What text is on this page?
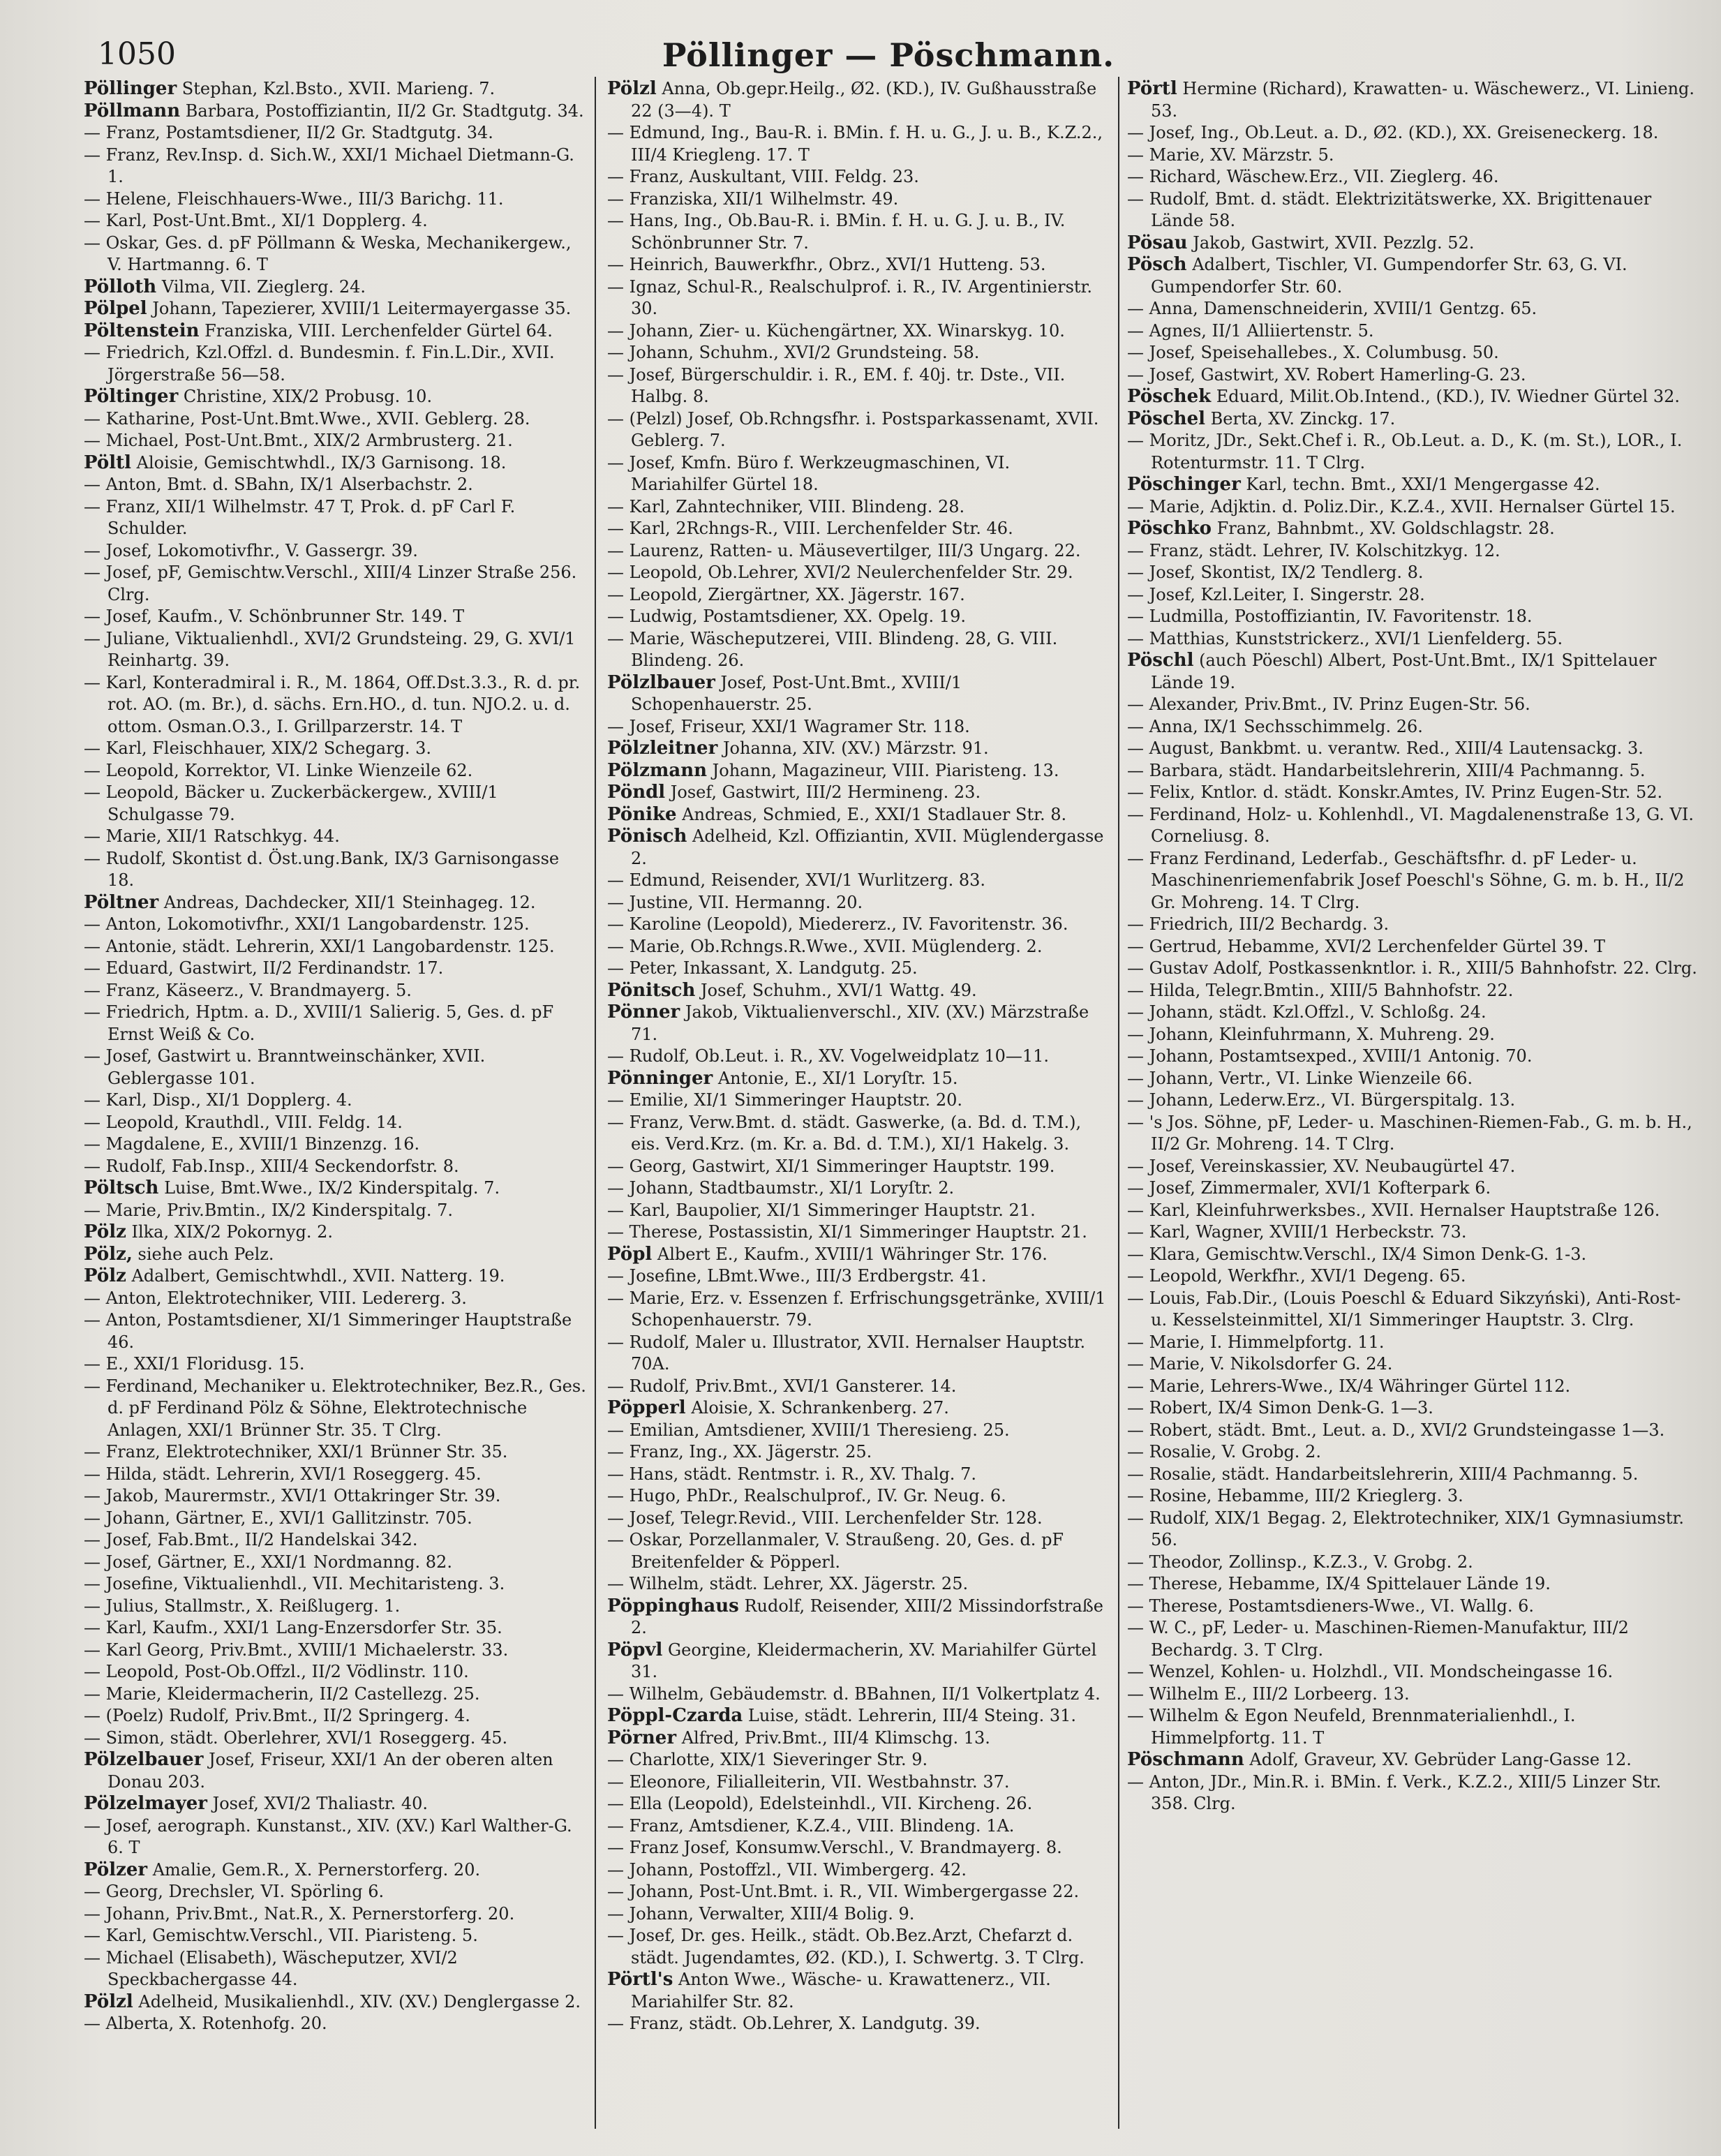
1050	Pöllinger — Pöschmann.
Pöllinger Stephan, Kzl.Bsto., XVII. Marieng. 7.
Pöllmann Barbara, Postoffiziantin, II/2 Gr. Stadtgutg. 34.
— Franz, Postamtsdiener, II/2 Gr. Stadtgutg. 34.
— Franz, Rev.Insp. d. Sich.W., XXI/1 Michael Dietmann-G. 1.
— Helene, Fleischhauers-Wwe., III/3 Barichg. 11.
— Karl, Post-Unt.Bmt., XI/1 Dopplerg. 4.
— Oskar, Ges. d. pF Pöllmann & Weska, Mechanikergew., V. Hartmanng. 6. T
Pölloth Vilma, VII. Zieglerg. 24.
Pölpel Johann, Tapezierer, XVIII/1 Leitermayergasse 35.
Pöltenstein Franziska, VIII. Lerchenfelder Gürtel 64.
— Friedrich, Kzl.Offzl. d. Bundesmin. f. Fin.L.Dir., XVII. Jörgerstraße 56—58.
Pöltinger Christine, XIX/2 Probusg. 10.
— Katharine, Post-Unt.Bmt.Wwe., XVII. Geblerg. 28.
— Michael, Post-Unt.Bmt., XIX/2 Armbrusterg. 21.
Pöltl Aloisie, Gemischtwhdl., IX/3 Garnisong. 18.
— Anton, Bmt. d. SBahn, IX/1 Alserbachstr. 2.
— Franz, XII/1 Wilhelmstr. 47 T, Prok. d. pF Carl F. Schulder.
— Josef, Lokomotivfhr., V. Gassergr. 39.
— Josef, pF, Gemischtw.Verschl., XIII/4 Linzer Straße 256. Clrg.
— Josef, Kaufm., V. Schönbrunner Str. 149. T
— Juliane, Viktualienhdl., XVI/2 Grundsteing. 29, G. XVI/1 Reinhartg. 39.
— Karl, Konteradmiral i. R., M. 1864, Off.Dst.3.3., R. d. pr. rot. AO. (m. Br.), d. sächs. Ern.HO., d. tun. NJO.2. u. d. ottom. Osman.O.3., I. Grillparzerstr. 14. T
— Karl, Fleischhauer, XIX/2 Schegarg. 3.
— Leopold, Korrektor, VI. Linke Wienzeile 62.
— Leopold, Bäcker u. Zuckerbäckergew., XVIII/1 Schulgasse 79.
— Marie, XII/1 Ratschkyg. 44.
— Rudolf, Skontist d. Öst.ung.Bank, IX/3 Garnisongasse 18.
Pöltner Andreas, Dachdecker, XII/1 Steinhageg. 12.
— Anton, Lokomotivfhr., XXI/1 Langobardenstr. 125.
— Antonie, städt. Lehrerin, XXI/1 Langobardenstr. 125.
— Eduard, Gastwirt, II/2 Ferdinandstr. 17.
— Franz, Käseerz., V. Brandmayerg. 5.
— Friedrich, Hptm. a. D., XVIII/1 Salierig. 5, Ges. d. pF Ernst Weiß & Co.
— Josef, Gastwirt u. Branntweinschänker, XVII. Geblergasse 101.
— Karl, Disp., XI/1 Dopplerg. 4.
— Leopold, Krauthdl., VIII. Feldg. 14.
— Magdalene, E., XVIII/1 Binzenzg. 16.
— Rudolf, Fab.Insp., XIII/4 Seckendorfstr. 8.
Pöltsch Luise, Bmt.Wwe., IX/2 Kinderspitalg. 7.
— Marie, Priv.Bmtin., IX/2 Kinderspitalg. 7.
Pölz Ilka, XIX/2 Pokornyg. 2.
Pölz, siehe auch Pelz.
Pölz Adalbert, Gemischtwhdl., XVII. Natterg. 19.
— Anton, Elektrotechniker, VIII. Ledererg. 3.
— Anton, Postamtsdiener, XI/1 Simmeringer Hauptstraße 46.
— E., XXI/1 Floridusg. 15.
— Ferdinand, Mechaniker u. Elektrotechniker, Bez.R., Ges. d. pF Ferdinand Pölz & Söhne, Elektrotechnische Anlagen, XXI/1 Brünner Str. 35. T Clrg.
— Franz, Elektrotechniker, XXI/1 Brünner Str. 35.
— Hilda, städt. Lehrerin, XVI/1 Roseggerg. 45.
— Jakob, Maurermstr., XVI/1 Ottakringer Str. 39.
— Johann, Gärtner, E., XVI/1 Gallitzinstr. 705.
— Josef, Fab.Bmt., II/2 Handelskai 342.
— Josef, Gärtner, E., XXI/1 Nordmanng. 82.
— Josefine, Viktualienhdl., VII. Mechitaristeng. 3.
— Julius, Stallmstr., X. Reißlugerg. 1.
— Karl, Kaufm., XXI/1 Lang-Enzersdorfer Str. 35.
— Karl Georg, Priv.Bmt., XVIII/1 Michaelerstr. 33.
— Leopold, Post-Ob.Offzl., II/2 Vödlinstr. 110.
— Marie, Kleidermacherin, II/2 Castellezg. 25.
— (Poelz) Rudolf, Priv.Bmt., II/2 Springerg. 4.
— Simon, städt. Oberlehrer, XVI/1 Roseggerg. 45.
Pölzelbauer Josef, Friseur, XXI/1 An der oberen alten Donau 203.
Pölzelmayer Josef, XVI/2 Thaliastr. 40.
— Josef, aerograph. Kunstanst., XIV. (XV.) Karl Walther-G. 6. T
Pölzer Amalie, Gem.R., X. Pernerstorferg. 20.
— Georg, Drechsler, VI. Spörling 6.
— Johann, Priv.Bmt., Nat.R., X. Pernerstorferg. 20.
— Karl, Gemischtw.Verschl., VII. Piaristeng. 5.
— Michael (Elisabeth), Wäscheputzer, XVI/2 Speckbachergasse 44.
Pölzl Adelheid, Musikalienhdl., XIV. (XV.) Denglergasse 2.
— Alberta, X. Rotenhofg. 20.
Pölzl Anna, Ob.gepr.Heilg., Ø2. (KD.), IV. Gußhausstraße 22 (3—4). T
— Edmund, Ing., Bau-R. i. BMin. f. H. u. G., J. u. B., K.Z.2., III/4 Kriegleng. 17. T
— Franz, Auskultant, VIII. Feldg. 23.
— Franziska, XII/1 Wilhelmstr. 49.
— Hans, Ing., Ob.Bau-R. i. BMin. f. H. u. G. J. u. B., IV. Schönbrunner Str. 7.
— Heinrich, Bauwerkfhr., Obrz., XVI/1 Hutteng. 53.
— Ignaz, Schul-R., Realschulprof. i. R., IV. Argentinierstr. 30.
— Johann, Zier- u. Küchengärtner, XX. Winarskyg. 10.
— Johann, Schuhm., XVI/2 Grundsteing. 58.
— Josef, Bürgerschuldir. i. R., EM. f. 40j. tr. Dste., VII. Halbg. 8.
— (Pelzl) Josef, Ob.Rchngsfhr. i. Postsparkassenamt, XVII. Geblerg. 7.
— Josef, Kmfn. Büro f. Werkzeugmaschinen, VI. Mariahilfer Gürtel 18.
— Karl, Zahntechniker, VIII. Blindeng. 28.
— Karl, 2Rchngs-R., VIII. Lerchenfelder Str. 46.
— Laurenz, Ratten- u. Mäusevertilger, III/3 Ungarg. 22.
— Leopold, Ob.Lehrer, XVI/2 Neulerchenfelder Str. 29.
— Leopold, Ziergärtner, XX. Jägerstr. 167.
— Ludwig, Postamtsdiener, XX. Opelg. 19.
— Marie, Wäscheputzerei, VIII. Blindeng. 28, G. VIII. Blindeng. 26.
Pölzlbauer Josef, Post-Unt.Bmt., XVIII/1 Schopenhauerstr. 25.
— Josef, Friseur, XXI/1 Wagramer Str. 118.
Pölzleitner Johanna, XIV. (XV.) Märzstr. 91.
Pölzmann Johann, Magazineur, VIII. Piaristeng. 13.
Pöndl Josef, Gastwirt, III/2 Hermineng. 23.
Pönike Andreas, Schmied, E., XXI/1 Stadlauer Str. 8.
Pönisch Adelheid, Kzl. Offiziantin, XVII. Müglendergasse 2.
— Edmund, Reisender, XVI/1 Wurlitzerg. 83.
— Justine, VII. Hermanng. 20.
— Karoline (Leopold), Miedererz., IV. Favoritenstr. 36.
— Marie, Ob.Rchngs.R.Wwe., XVII. Müglenderg. 2.
— Peter, Inkassant, X. Landgutg. 25.
Pönitsch Josef, Schuhm., XVI/1 Wattg. 49.
Pönner Jakob, Viktualienverschl., XIV. (XV.) Märzstraße 71.
— Rudolf, Ob.Leut. i. R., XV. Vogelweidplatz 10—11.
Pönninger Antonie, E., XI/1 Loryſtr. 15.
— Emilie, XI/1 Simmeringer Hauptstr. 20.
— Franz, Verw.Bmt. d. städt. Gaswerke, (a. Bd. d. T.M.), eis. Verd.Krz. (m. Kr. a. Bd. d. T.M.), XI/1 Hakelg. 3.
— Georg, Gastwirt, XI/1 Simmeringer Hauptstr. 199.
— Johann, Stadtbaumstr., XI/1 Loryſtr. 2.
— Karl, Baupolier, XI/1 Simmeringer Hauptstr. 21.
— Therese, Postassistin, XI/1 Simmeringer Hauptstr. 21.
Pöpl Albert E., Kaufm., XVIII/1 Währinger Str. 176.
— Josefine, LBmt.Wwe., III/3 Erdbergstr. 41.
— Marie, Erz. v. Essenzen f. Erfrischungsgetränke, XVIII/1 Schopenhauerstr. 79.
— Rudolf, Maler u. Illustrator, XVII. Hernalser Hauptstr. 70A.
— Rudolf, Priv.Bmt., XVI/1 Gansterer. 14.
Pöpperl Aloisie, X. Schrankenberg. 27.
— Emilian, Amtsdiener, XVIII/1 Theresieng. 25.
— Franz, Ing., XX. Jägerstr. 25.
— Hans, städt. Rentmstr. i. R., XV. Thalg. 7.
— Hugo, PhDr., Realschulprof., IV. Gr. Neug. 6.
— Josef, Telegr.Revid., VIII. Lerchenfelder Str. 128.
— Oskar, Porzellanmaler, V. Straußeng. 20, Ges. d. pF Breitenfelder & Pöpperl.
— Wilhelm, städt. Lehrer, XX. Jägerstr. 25.
Pöppinghaus Rudolf, Reisender, XIII/2 Missindorfstraße 2.
Pöpvl Georgine, Kleidermacherin, XV. Mariahilfer Gürtel 31.
— Wilhelm, Gebäudemstr. d. BBahnen, II/1 Volkertplatz 4.
Pöppl-Czarda Luise, städt. Lehrerin, III/4 Steing. 31.
Pörner Alfred, Priv.Bmt., III/4 Klimschg. 13.
— Charlotte, XIX/1 Sieveringer Str. 9.
— Eleonore, Filialleiterin, VII. Westbahnstr. 37.
— Ella (Leopold), Edelsteinhdl., VII. Kircheng. 26.
— Franz, Amtsdiener, K.Z.4., VIII. Blindeng. 1A.
— Franz Josef, Konsumw.Verschl., V. Brandmayerg. 8.
— Johann, Postoffzl., VII. Wimbergerg. 42.
— Johann, Post-Unt.Bmt. i. R., VII. Wimbergergasse 22.
— Johann, Verwalter, XIII/4 Bolig. 9.
— Josef, Dr. ges. Heilk., städt. Ob.Bez.Arzt, Chefarzt d. städt. Jugendamtes, Ø2. (KD.), I. Schwertg. 3. T Clrg.
Pörtl's Anton Wwe., Wäsche- u. Krawattenerz., VII. Mariahilfer Str. 82.
— Franz, städt. Ob.Lehrer, X. Landgutg. 39.
Pörtl Hermine (Richard), Krawatten- u. Wäschewerz., VI. Linieng. 53.
— Josef, Ing., Ob.Leut. a. D., Ø2. (KD.), XX. Greiseneckerg. 18.
— Marie, XV. Märzstr. 5.
— Richard, Wäschew.Erz., VII. Zieglerg. 46.
— Rudolf, Bmt. d. städt. Elektrizitätswerke, XX. Brigittenauer Lände 58.
Pösau Jakob, Gastwirt, XVII. Pezzlg. 52.
Pösch Adalbert, Tischler, VI. Gumpendorfer Str. 63, G. VI. Gumpendorfer Str. 60.
— Anna, Damenschneiderin, XVIII/1 Gentzg. 65.
— Agnes, II/1 Alliiertenstr. 5.
— Josef, Speisehallebes., X. Columbusg. 50.
— Josef, Gastwirt, XV. Robert Hamerling-G. 23.
Pöschek Eduard, Milit.Ob.Intend., (KD.), IV. Wiedner Gürtel 32.
Pöschel Berta, XV. Zinckg. 17.
— Moritz, JDr., Sekt.Chef i. R., Ob.Leut. a. D., K. (m. St.), LOR., I. Rotenturmstr. 11. T Clrg.
Pöschinger Karl, techn. Bmt., XXI/1 Mengergasse 42.
— Marie, Adjktin. d. Poliz.Dir., K.Z.4., XVII. Hernalser Gürtel 15.
Pöschko Franz, Bahnbmt., XV. Goldschlagstr. 28.
— Franz, städt. Lehrer, IV. Kolschitzkyg. 12.
— Josef, Skontist, IX/2 Tendlerg. 8.
— Josef, Kzl.Leiter, I. Singerstr. 28.
— Ludmilla, Postoffiziantin, IV. Favoritenstr. 18.
— Matthias, Kunststrickerz., XVI/1 Lienfelderg. 55.
Pöschl (auch Pöeschl) Albert, Post-Unt.Bmt., IX/1 Spittelauer Lände 19.
— Alexander, Priv.Bmt., IV. Prinz Eugen-Str. 56.
— Anna, IX/1 Sechsschimmelg. 26.
— August, Bankbmt. u. verantw. Red., XIII/4 Lautensackg. 3.
— Barbara, städt. Handarbeitslehrerin, XIII/4 Pachmanng. 5.
— Felix, Kntlor. d. städt. Konskr.Amtes, IV. Prinz Eugen-Str. 52.
— Ferdinand, Holz- u. Kohlenhdl., VI. Magdalenenstraße 13, G. VI. Corneliusg. 8.
— Franz Ferdinand, Lederfab., Geschäftsfhr. d. pF Leder- u. Maschinenriemenfabrik Josef Poeschl's Söhne, G. m. b. H., II/2 Gr. Mohreng. 14. T Clrg.
— Friedrich, III/2 Bechardg. 3.
— Gertrud, Hebamme, XVI/2 Lerchenfelder Gürtel 39. T
— Gustav Adolf, Postkassenkntlor. i. R., XIII/5 Bahnhofstr. 22. Clrg.
— Hilda, Telegr.Bmtin., XIII/5 Bahnhofstr. 22.
— Johann, städt. Kzl.Offzl., V. Schloßg. 24.
— Johann, Kleinfuhrmann, X. Muhreng. 29.
— Johann, Postamtsexped., XVIII/1 Antonig. 70.
— Johann, Vertr., VI. Linke Wienzeile 66.
— Johann, Lederw.Erz., VI. Bürgerspitalg. 13.
— 's Jos. Söhne, pF, Leder- u. Maschinen-Riemen-Fab., G. m. b. H., II/2 Gr. Mohreng. 14. T Clrg.
— Josef, Vereinskassier, XV. Neubaugürtel 47.
— Josef, Zimmermaler, XVI/1 Kofterpark 6.
— Karl, Kleinfuhrwerksbes., XVII. Hernalser Hauptstraße 126.
— Karl, Wagner, XVIII/1 Herbeckstr. 73.
— Klara, Gemischtw.Verschl., IX/4 Simon Denk-G. 1-3.
— Leopold, Werkfhr., XVI/1 Degeng. 65.
— Louis, Fab.Dir., (Louis Poeschl & Eduard Sikzyński), Anti-Rost- u. Kesselsteinmittel, XI/1 Simmeringer Hauptstr. 3. Clrg.
— Marie, I. Himmelpfortg. 11.
— Marie, V. Nikolsdorfer G. 24.
— Marie, Lehrers-Wwe., IX/4 Währinger Gürtel 112.
— Robert, IX/4 Simon Denk-G. 1—3.
— Robert, städt. Bmt., Leut. a. D., XVI/2 Grundsteingasse 1—3.
— Rosalie, V. Grobg. 2.
— Rosalie, städt. Handarbeitslehrerin, XIII/4 Pachmanng. 5.
— Rosine, Hebamme, III/2 Krieglerg. 3.
— Rudolf, XIX/1 Begag. 2, Elektrotechniker, XIX/1 Gymnasiumstr. 56.
— Theodor, Zollinsp., K.Z.3., V. Grobg. 2.
— Therese, Hebamme, IX/4 Spittelauer Lände 19.
— Therese, Postamtsdieners-Wwe., VI. Wallg. 6.
— W. C., pF, Leder- u. Maschinen-Riemen-Manufaktur, III/2 Bechardg. 3. T Clrg.
— Wenzel, Kohlen- u. Holzhdl., VII. Mondscheingasse 16.
— Wilhelm E., III/2 Lorbeerg. 13.
— Wilhelm & Egon Neufeld, Brennmaterialienhdl., I. Himmelpfortg. 11. T
Pöschmann Adolf, Graveur, XV. Gebrüder Lang-Gasse 12.
— Anton, JDr., Min.R. i. BMin. f. Verk., K.Z.2., XIII/5 Linzer Str. 358. Clrg.
